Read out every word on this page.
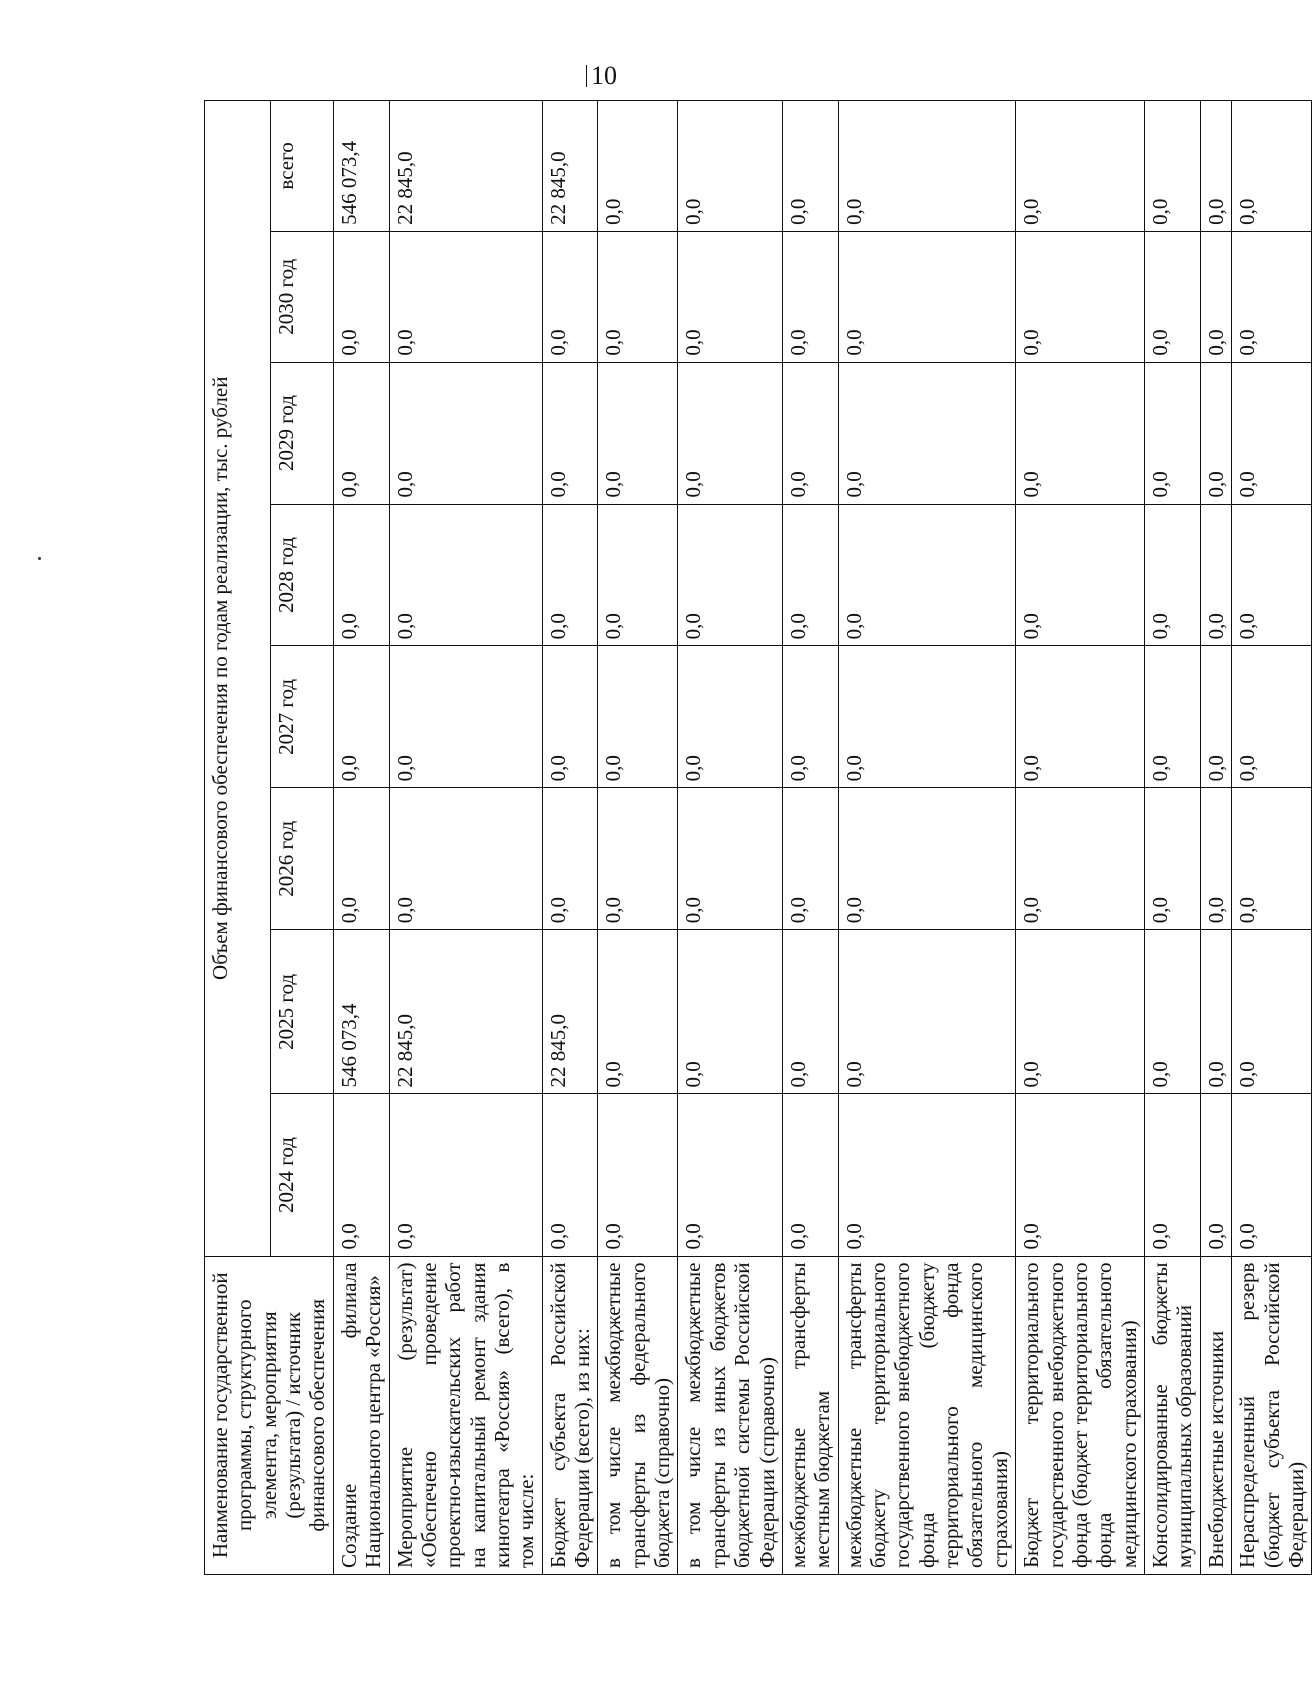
10
Наименование государственной программы, структурного элемента, мероприятия (результата) / источник финансового обеспечения	Объем финансового обеспечения по годам реализации, тыс. рублей							
	2024 год	2025 год	2026 год	2027 год	2028 год	2029 год	2030 год	всего
Создание филиала Национального центра «Россия»	0,0	546 073,4	0,0	0,0	0,0	0,0	0,0	546 073,4
Мероприятие (результат) «Обеспечено проведение проектно-изыскательских работ на капитальный ремонт здания кинотеатра «Россия» (всего), в том числе:	0,0	22 845,0	0,0	0,0	0,0	0,0	0,0	22 845,0
Бюджет субъекта Российской Федерации (всего), из них:	0,0	22 845,0	0,0	0,0	0,0	0,0	0,0	22 845,0
в том числе межбюджетные трансферты из федерального бюджета (справочно)	0,0	0,0	0,0	0,0	0,0	0,0	0,0	0,0
в том числе межбюджетные трансферты из иных бюджетов бюджетной системы Российской Федерации (справочно)	0,0	0,0	0,0	0,0	0,0	0,0	0,0	0,0
межбюджетные трансферты местным бюджетам	0,0	0,0	0,0	0,0	0,0	0,0	0,0	0,0
межбюджетные трансферты бюджету территориального государственного внебюджетного фонда (бюджету территориального фонда обязательного медицинского страхования)	0,0	0,0	0,0	0,0	0,0	0,0	0,0	0,0
Бюджет территориального государственного внебюджетного фонда (бюджет территориального фонда обязательного медицинского страхования)	0,0	0,0	0,0	0,0	0,0	0,0	0,0	0,0
Консолидированные бюджеты муниципальных образований	0,0	0,0	0,0	0,0	0,0	0,0	0,0	0,0
Внебюджетные источники	0,0	0,0	0,0	0,0	0,0	0,0	0,0	0,0
Нераспределенный резерв (бюджет субъекта Российской Федерации)	0,0	0,0	0,0	0,0	0,0	0,0	0,0	0,0
